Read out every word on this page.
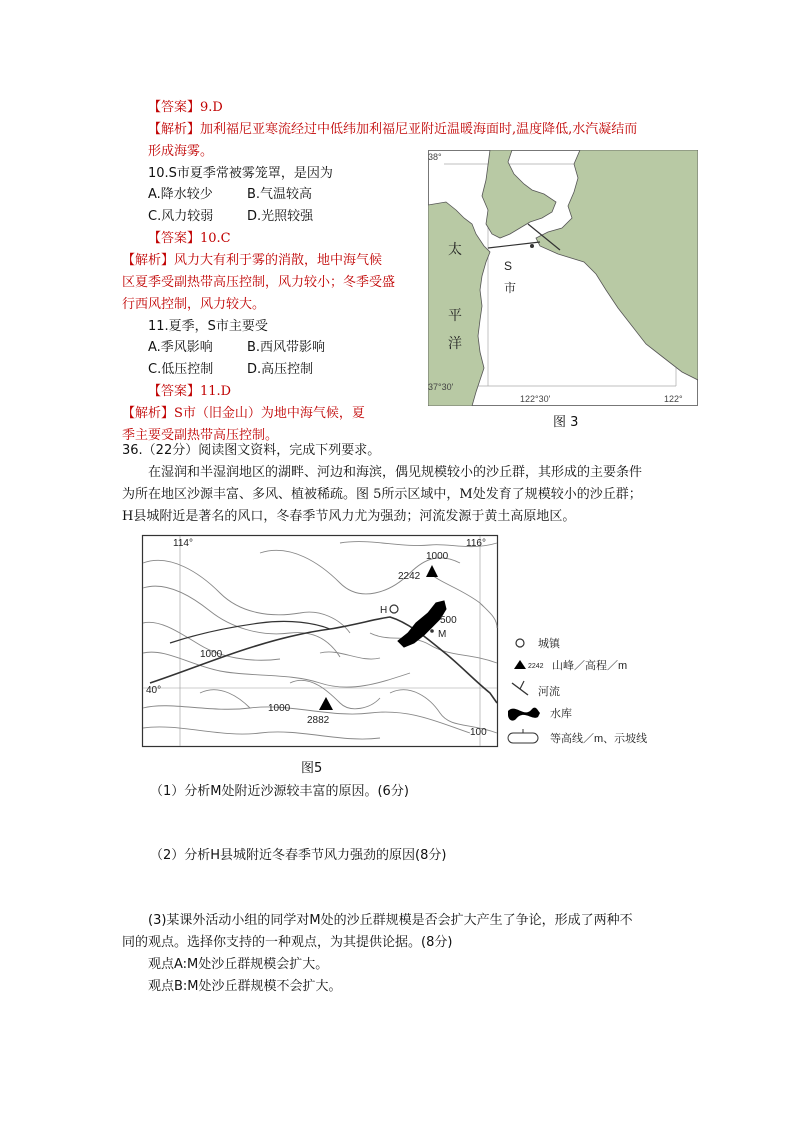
【答案】9.D
【解析】加利福尼亚寒流经过中低纬加利福尼亚附近温暖海面时,温度降低,水汽凝结而
形成海雾。
10.S市夏季常被雾笼罩，是因为
A.降水较少	B.气温较高
C.风力较弱	D.光照较强
【答案】10.C
【解析】风力大有利于雾的消散，地中海气候
区夏季受副热带高压控制，风力较小；冬季受盛
行西风控制，风力较大。
11.夏季，S市主要受
A.季风影响	B.西风带影响
C.低压控制	D.高压控制
【答案】11.D
【解析】S市（旧金山）为地中海气候，夏
季主要受副热带高压控制。
38°
37°30'
122°30'	122°
太
平
洋
S
市
图 3
36.（22分）阅读图文资料，完成下列要求。
在湿润和半湿润地区的湖畔、河边和海滨，偶见规模较小的沙丘群，其形成的主要条件
为所在地区沙源丰富、多风、植被稀疏。图 5所示区域中，M处发育了规模较小的沙丘群；
H县城附近是著名的风口，冬春季节风力尤为强劲；河流发源于黄土高原地区。
H
M
2242
2882
114°	116°
40°
1000
1000
1000
500
100
城镇
2242 山峰／高程／m
河流
水库
等高线／m、示坡线
图5
（1）分析M处附近沙源较丰富的原因。(6分)
（2）分析H县城附近冬春季节风力强劲的原因(8分)
(3)某课外活动小组的同学对M处的沙丘群规模是否会扩大产生了争论，形成了两种不
同的观点。选择你支持的一种观点，为其提供论据。(8分)
观点A:M处沙丘群规模会扩大。
观点B:M处沙丘群规模不会扩大。
